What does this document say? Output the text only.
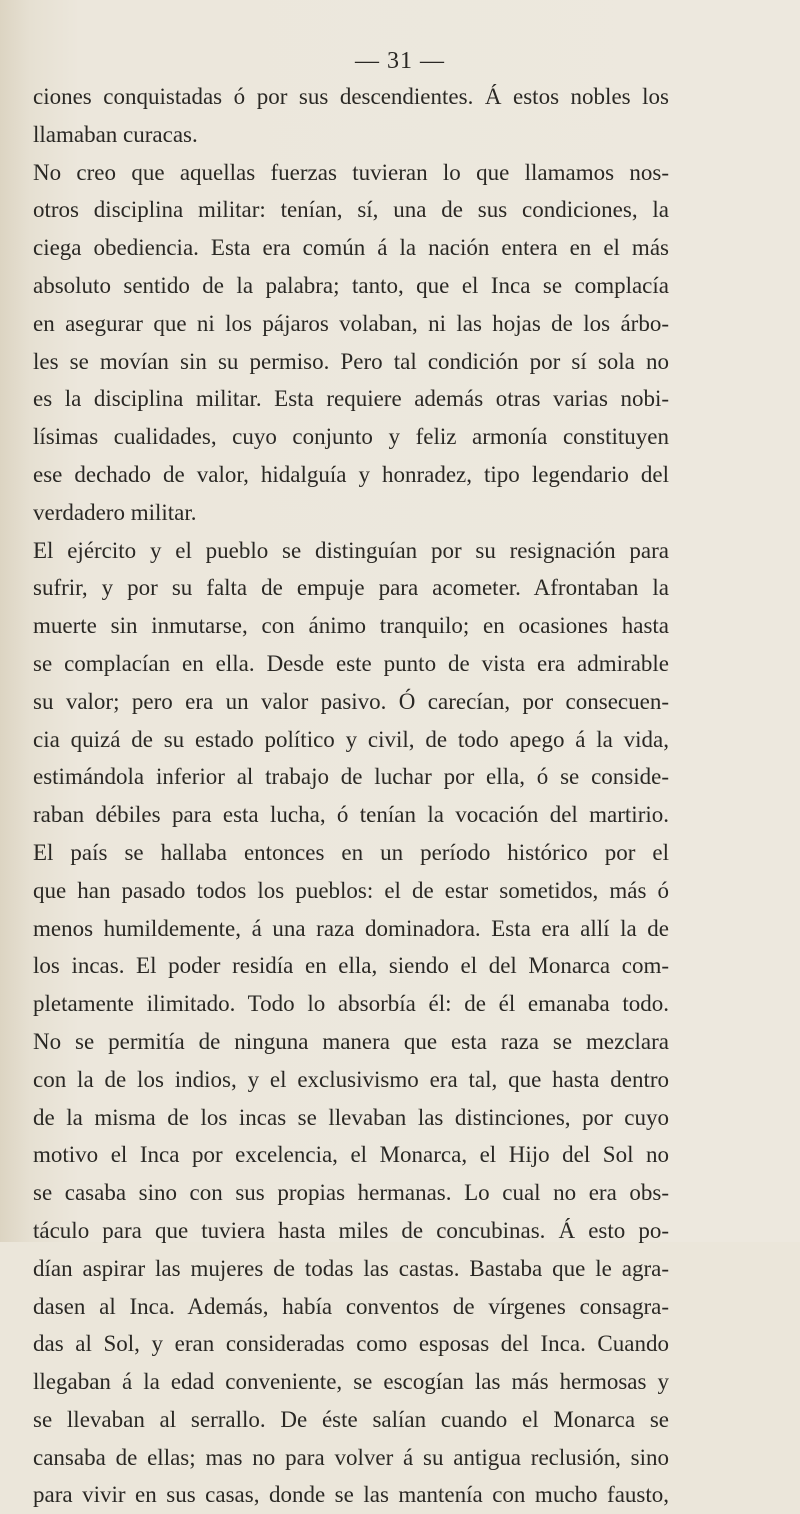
— 31 —
ciones conquistadas ó por sus descendientes. Á estos nobles los
llamaban curacas.
No creo que aquellas fuerzas tuvieran lo que llamamos nos-
otros disciplina militar: tenían, sí, una de sus condiciones, la
ciega obediencia. Esta era común á la nación entera en el más
absoluto sentido de la palabra; tanto, que el Inca se complacía
en asegurar que ni los pájaros volaban, ni las hojas de los árbo-
les se movían sin su permiso. Pero tal condición por sí sola no
es la disciplina militar. Esta requiere además otras varias nobi-
lísimas cualidades, cuyo conjunto y feliz armonía constituyen
ese dechado de valor, hidalguía y honradez, tipo legendario del
verdadero militar.
El ejército y el pueblo se distinguían por su resignación para
sufrir, y por su falta de empuje para acometer. Afrontaban la
muerte sin inmutarse, con ánimo tranquilo; en ocasiones hasta
se complacían en ella. Desde este punto de vista era admirable
su valor; pero era un valor pasivo. Ó carecían, por consecuen-
cia quizá de su estado político y civil, de todo apego á la vida,
estimándola inferior al trabajo de luchar por ella, ó se conside-
raban débiles para esta lucha, ó tenían la vocación del martirio.
El país se hallaba entonces en un período histórico por el
que han pasado todos los pueblos: el de estar sometidos, más ó
menos humildemente, á una raza dominadora. Esta era allí la de
los incas. El poder residía en ella, siendo el del Monarca com-
pletamente ilimitado. Todo lo absorbía él: de él emanaba todo.
No se permitía de ninguna manera que esta raza se mezclara
con la de los indios, y el exclusivismo era tal, que hasta dentro
de la misma de los incas se llevaban las distinciones, por cuyo
motivo el Inca por excelencia, el Monarca, el Hijo del Sol no
se casaba sino con sus propias hermanas. Lo cual no era obs-
táculo para que tuviera hasta miles de concubinas. Á esto po-
dían aspirar las mujeres de todas las castas. Bastaba que le agra-
dasen al Inca. Además, había conventos de vírgenes consagra-
das al Sol, y eran consideradas como esposas del Inca. Cuando
llegaban á la edad conveniente, se escogían las más hermosas y
se llevaban al serrallo. De éste salían cuando el Monarca se
cansaba de ellas; mas no para volver á su antigua reclusión, sino
para vivir en sus casas, donde se las mantenía con mucho fausto,
